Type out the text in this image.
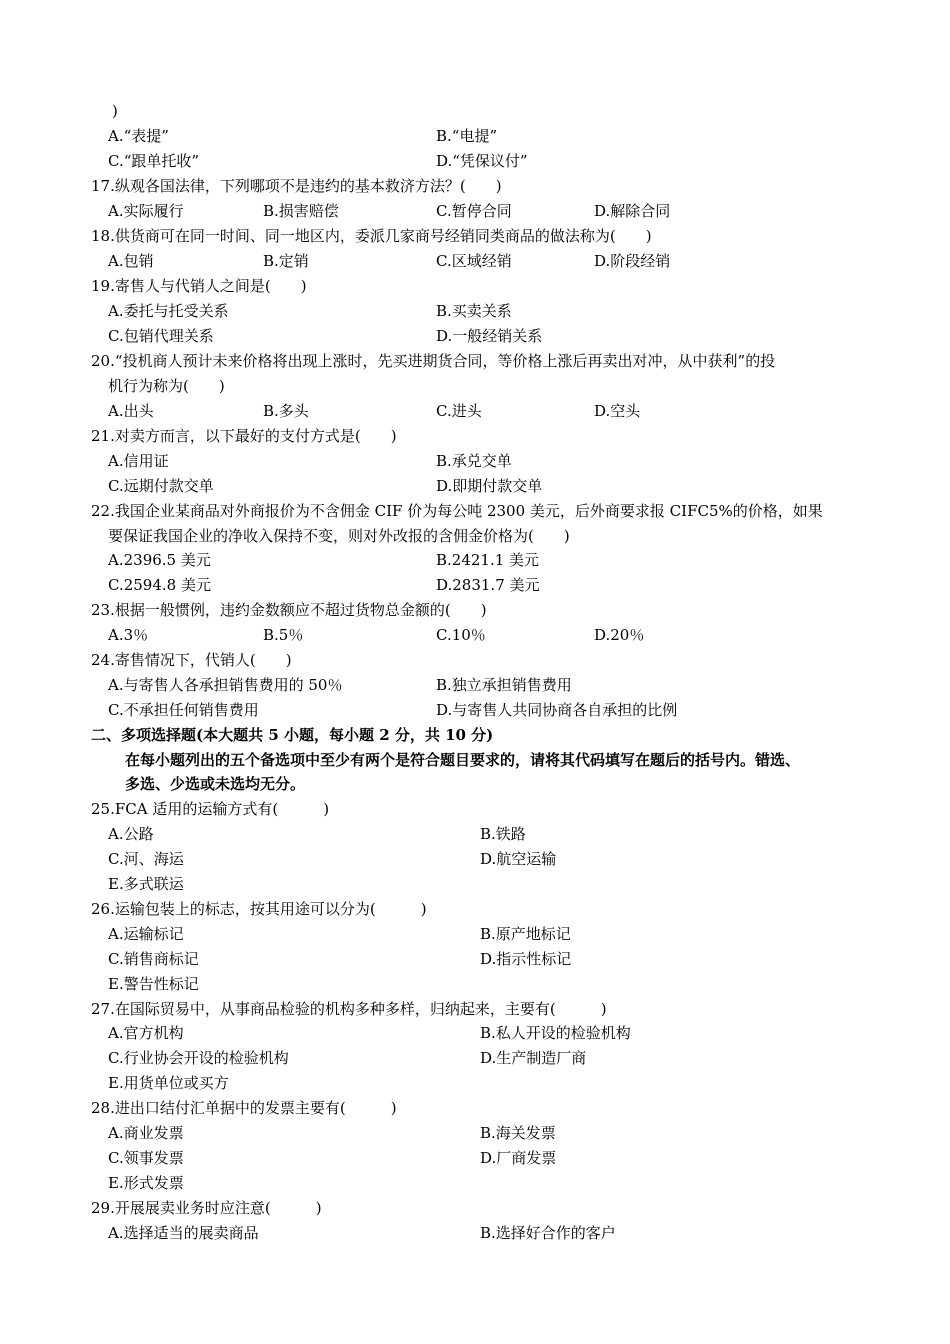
)
A.“表提”	B.“电提”
C.“跟单托收”	D.“凭保议付”
17.纵观各国法律，下列哪项不是违约的基本救济方法？(　　)
A.实际履行	B.损害赔偿	C.暂停合同	D.解除合同
18.供货商可在同一时间、同一地区内，委派几家商号经销同类商品的做法称为(　　)
A.包销	B.定销	C.区域经销	D.阶段经销
19.寄售人与代销人之间是(　　)
A.委托与托受关系	B.买卖关系
C.包销代理关系	D.一般经销关系
20.“投机商人预计未来价格将出现上涨时，先买进期货合同，等价格上涨后再卖出对冲，从中获利”的投
机行为称为(　　)
A.出头	B.多头	C.进头	D.空头
21.对卖方而言，以下最好的支付方式是(　　)
A.信用证	B.承兑交单
C.远期付款交单	D.即期付款交单
22.我国企业某商品对外商报价为不含佣金 CIF 价为每公吨 2300 美元，后外商要求报 CIFC5%的价格，如果
要保证我国企业的净收入保持不变，则对外改报的含佣金价格为(　　)
A.2396.5 美元	B.2421.1 美元
C.2594.8 美元	D.2831.7 美元
23.根据一般惯例，违约金数额应不超过货物总金额的(　　)
A.3％	B.5％	C.10％	D.20％
24.寄售情况下，代销人(　　)
A.与寄售人各承担销售费用的 50％	B.独立承担销售费用
C.不承担任何销售费用	D.与寄售人共同协商各自承担的比例
二、多项选择题(本大题共 5 小题，每小题 2 分，共 10 分)
在每小题列出的五个备选项中至少有两个是符合题目要求的，请将其代码填写在题后的括号内。错选、
多选、少选或未选均无分。
25.FCA 适用的运输方式有(　　　)
A.公路	B.铁路
C.河、海运	D.航空运输
E.多式联运
26.运输包装上的标志，按其用途可以分为(　　　)
A.运输标记	B.原产地标记
C.销售商标记	D.指示性标记
E.警告性标记
27.在国际贸易中，从事商品检验的机构多种多样，归纳起来，主要有(　　　)
A.官方机构	B.私人开设的检验机构
C.行业协会开设的检验机构	D.生产制造厂商
E.用货单位或买方
28.进出口结付汇单据中的发票主要有(　　　)
A.商业发票	B.海关发票
C.领事发票	D.厂商发票
E.形式发票
29.开展展卖业务时应注意(　　　)
A.选择适当的展卖商品	B.选择好合作的客户
